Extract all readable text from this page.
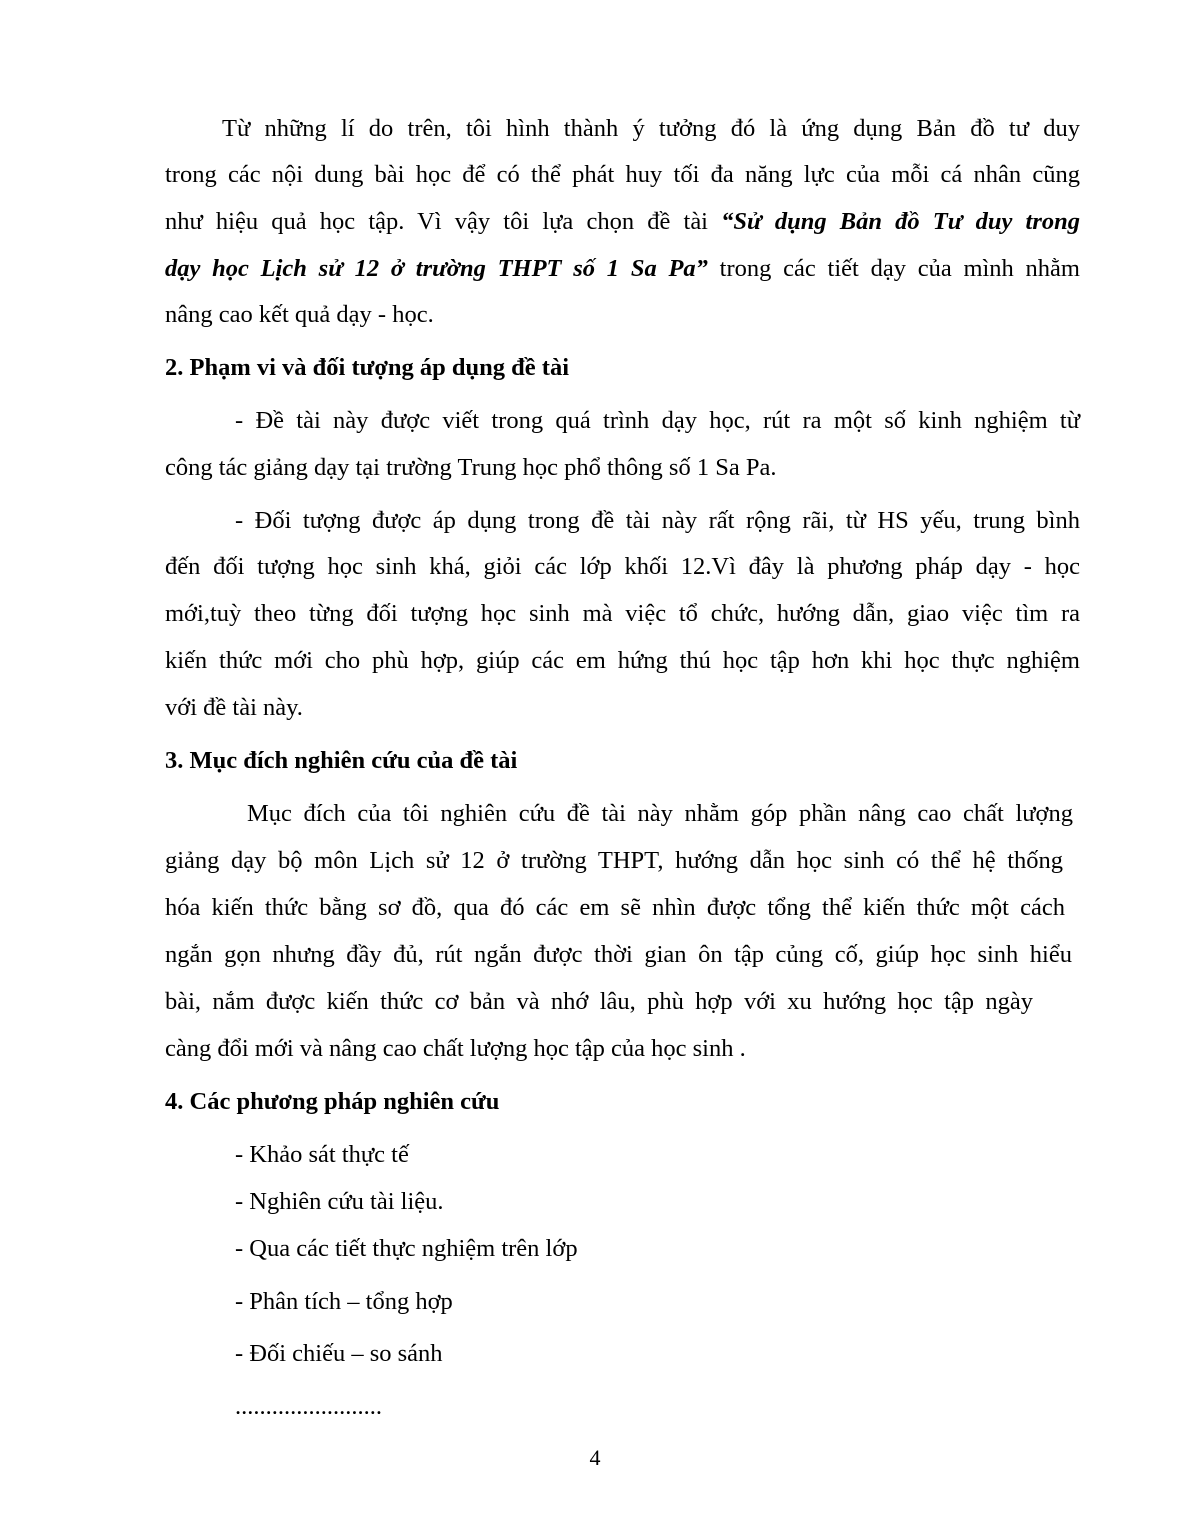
Từ những lí do trên, tôi hình thành ý tưởng đó là ứng dụng Bản đồ tư duy
trong các nội dung bài học để có thể phát huy tối đa năng lực của mỗi cá nhân cũng
như hiệu quả học tập. Vì vậy tôi lựa chọn đề tài “Sử dụng Bản đồ Tư duy trong
dạy học Lịch sử 12 ở trường THPT số 1 Sa Pa” trong các tiết dạy của mình nhằm
nâng cao kết quả dạy - học.
2. Phạm vi và đối tượng áp dụng đề tài
- Đề tài này được viết trong quá trình dạy học, rút ra một số kinh nghiệm từ
công tác giảng dạy tại trường Trung học phổ thông số 1 Sa Pa.
- Đối tượng được áp dụng trong đề tài này rất rộng rãi, từ HS yếu, trung bình
đến đối tượng học sinh khá, giỏi các lớp khối 12.Vì đây là phương pháp dạy - học
mới,tuỳ theo từng đối tượng học sinh mà việc tổ chức, hướng dẫn, giao việc tìm ra
kiến thức mới cho phù hợp, giúp các em hứng thú học tập hơn khi học thực nghiệm
với đề tài này.
3. Mục đích nghiên cứu của đề tài
Mục đích của tôi nghiên cứu đề tài này nhằm góp phần nâng cao chất lượng
giảng dạy bộ môn Lịch sử 12 ở trường THPT, hướng dẫn học sinh có thể hệ thống
hóa kiến thức bằng sơ đồ, qua đó các em sẽ nhìn được tổng thể kiến thức một cách
ngắn gọn nhưng đầy đủ, rút ngắn được thời gian ôn tập củng cố, giúp học sinh hiểu
bài, nắm được kiến thức cơ bản và nhớ lâu, phù hợp với xu hướng học tập ngày
càng đổi mới và nâng cao chất lượng học tập của học sinh .
4. Các phương pháp nghiên cứu
- Khảo sát thực tế
- Nghiên cứu tài liệu.
- Qua các tiết thực nghiệm trên lớp
- Phân tích – tổng hợp
- Đối chiếu – so sánh
........................
4
